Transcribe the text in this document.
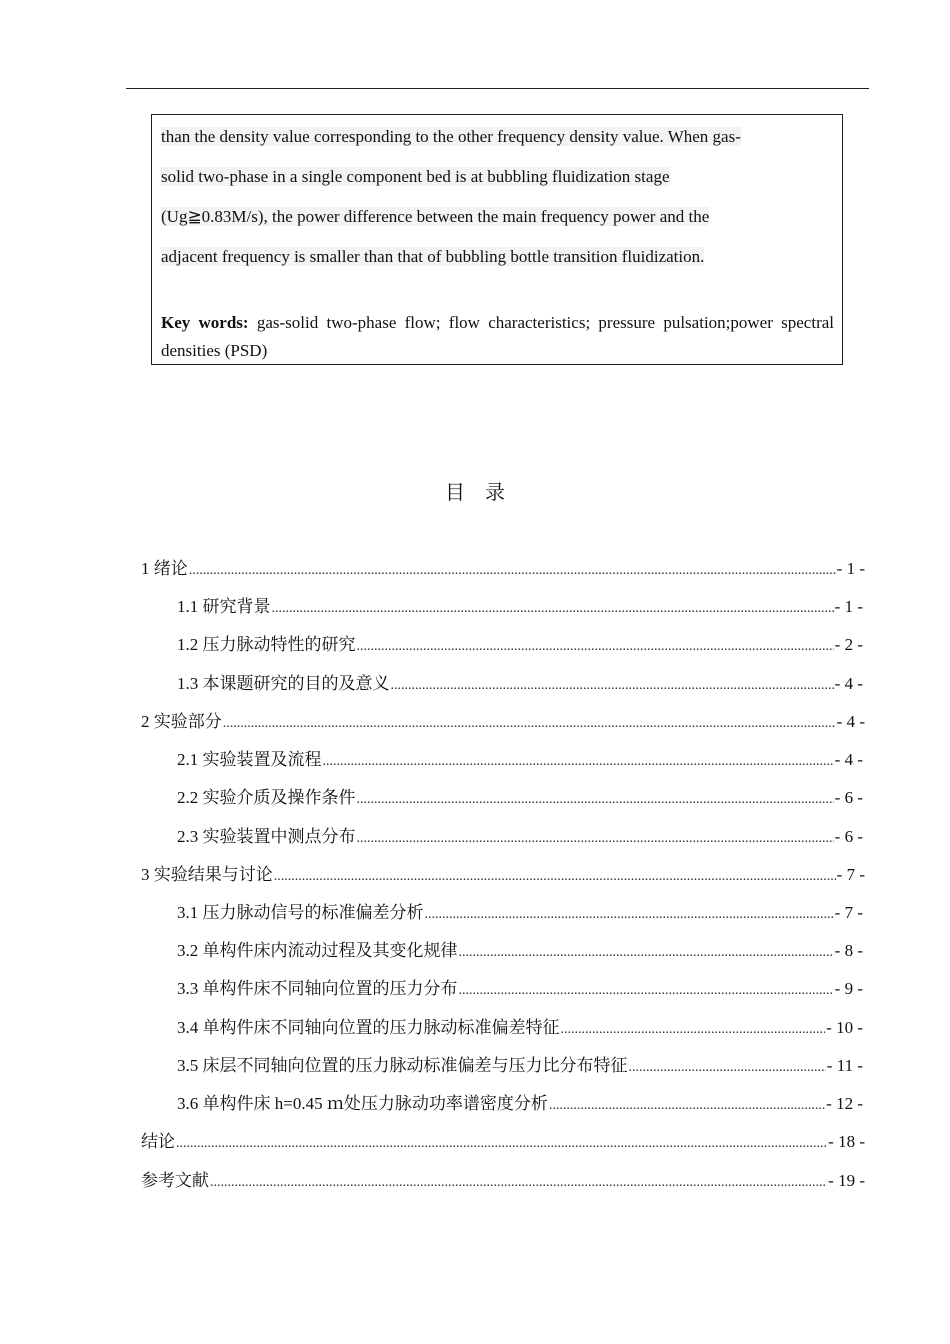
than the density value corresponding to the other frequency density value. When gas-
solid two-phase in a single component bed is at bubbling fluidization stage
(Ug≧0.83M/s), the power difference between the main frequency power and the
adjacent frequency is smaller than that of bubbling bottle transition fluidization.

Key words: gas-solid two-phase flow; flow characteristics; pressure pulsation;power spectral densities (PSD)

目　录
1 绪论 .....	- 1 -
1.1 研究背景 .....	- 1 -
1.2 压力脉动特性的研究 .....	- 2 -
1.3 本课题研究的目的及意义 .....	- 4 -
2 实验部分 .....	- 4 -
2.1 实验装置及流程 .....	- 4 -
2.2 实验介质及操作条件 .....	- 6 -
2.3 实验装置中测点分布 .....	- 6 -
3 实验结果与讨论 .....	- 7 -
3.1 压力脉动信号的标准偏差分析 .....	- 7 -
3.2 单构件床内流动过程及其变化规律 .....	- 8 -
3.3 单构件床不同轴向位置的压力分布 .....	- 9 -
3.4 单构件床不同轴向位置的压力脉动标准偏差特征 .....	- 10 -
3.5 床层不同轴向位置的压力脉动标准偏差与压力比分布特征 .....	- 11 -
3.6 单构件床 h=0.45 ｍ处压力脉动功率谱密度分析 .....	- 12 -
结论 .....	- 18 -
参考文献 .....	- 19 -
